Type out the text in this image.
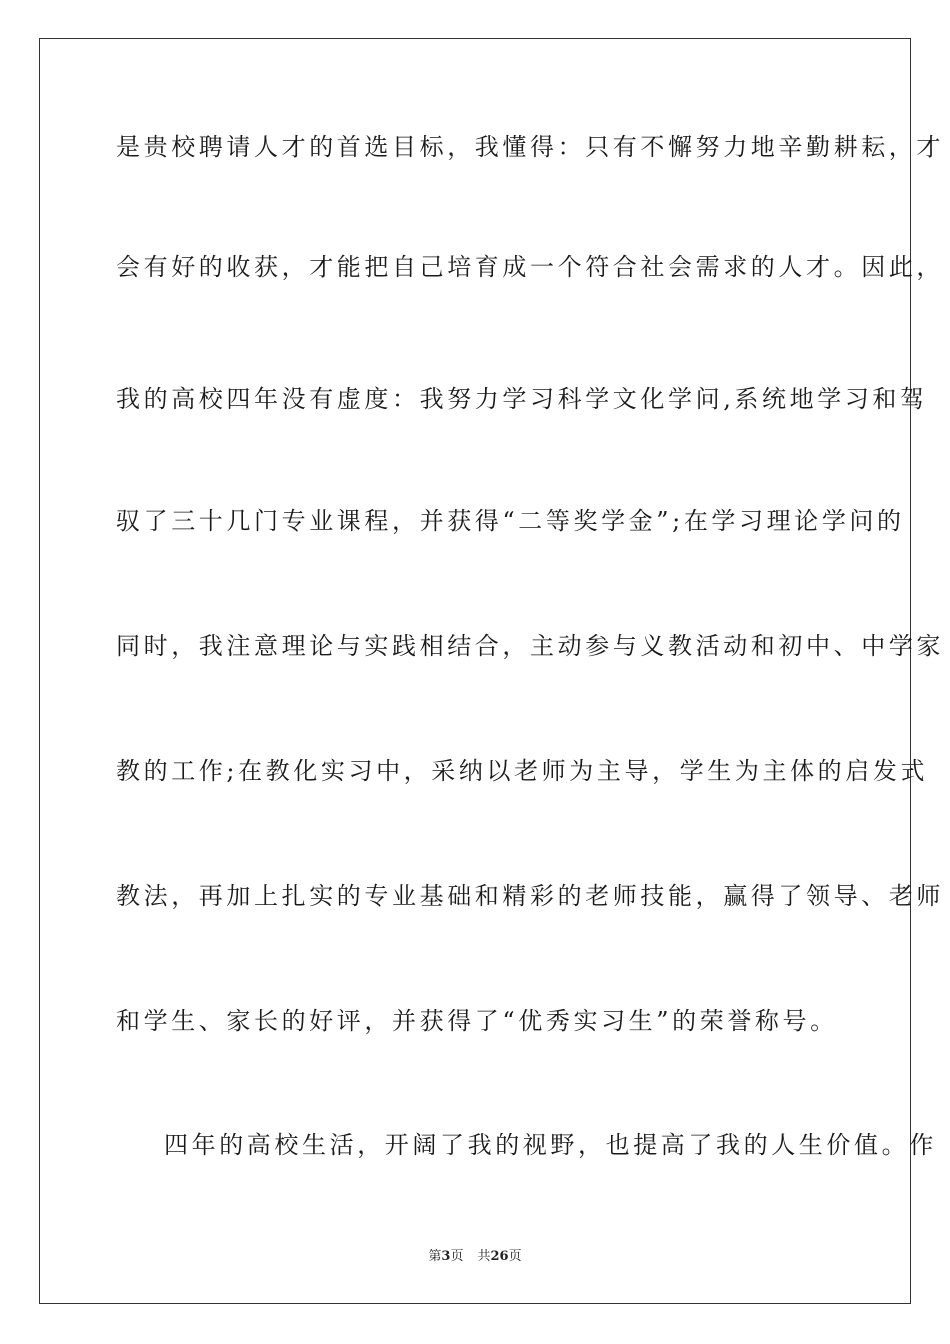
是贵校聘请人才的首选目标，我懂得：只有不懈努力地辛勤耕耘，才
会有好的收获，才能把自己培育成一个符合社会需求的人才。因此，
我的高校四年没有虚度：我努力学习科学文化学问,系统地学习和驾
驭了三十几门专业课程，并获得“二等奖学金”;在学习理论学问的
同时，我注意理论与实践相结合，主动参与义教活动和初中、中学家
教的工作;在教化实习中，采纳以老师为主导，学生为主体的启发式
教法，再加上扎实的专业基础和精彩的老师技能，赢得了领导、老师
和学生、家长的好评，并获得了“优秀实习生”的荣誉称号。
四年的高校生活，开阔了我的视野，也提高了我的人生价值。作
第3页 共26页
